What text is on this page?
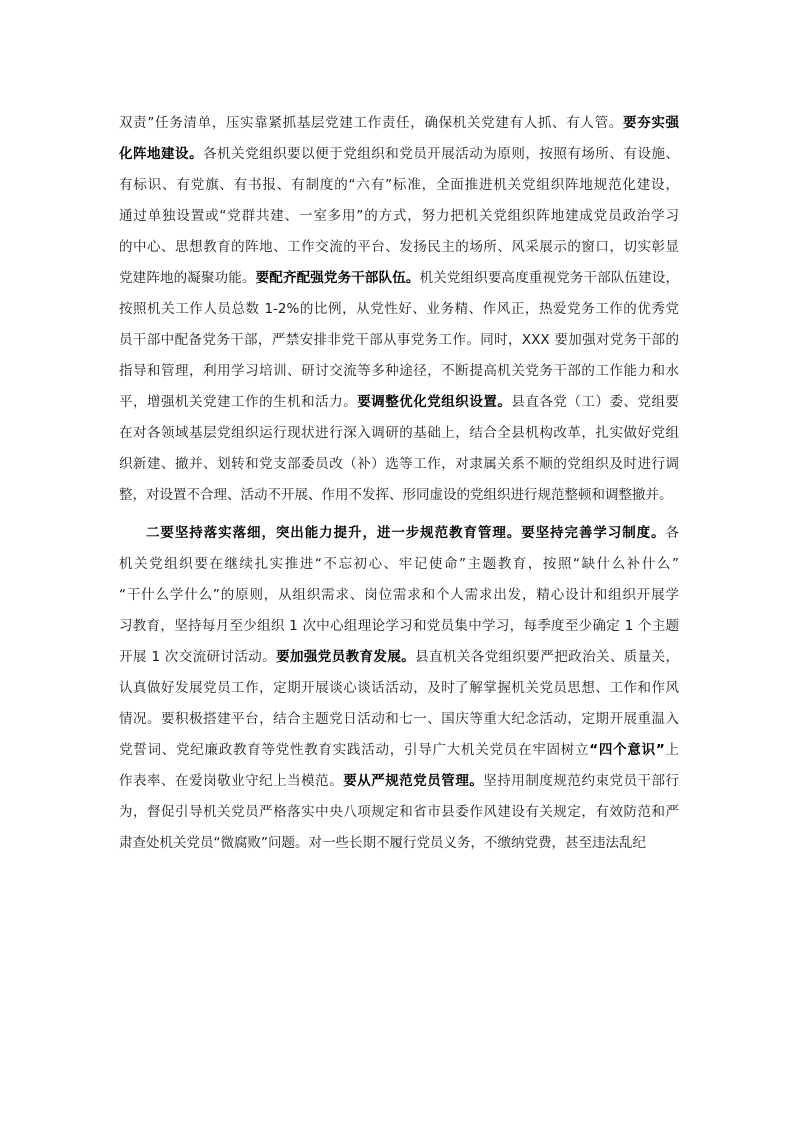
双责”任务清单，压实靠紧抓基层党建工作责任，确保机关党建有人抓、有人管。要夯实强
化阵地建设。各机关党组织要以便于党组织和党员开展活动为原则，按照有场所、有设施、
有标识、有党旗、有书报、有制度的“六有”标准，全面推进机关党组织阵地规范化建设，
通过单独设置或“党群共建、一室多用”的方式，努力把机关党组织阵地建成党员政治学习
的中心、思想教育的阵地、工作交流的平台、发扬民主的场所、风采展示的窗口，切实彰显
党建阵地的凝聚功能。要配齐配强党务干部队伍。机关党组织要高度重视党务干部队伍建设，
按照机关工作人员总数 1-2%的比例，从党性好、业务精、作风正，热爱党务工作的优秀党
员干部中配备党务干部，严禁安排非党干部从事党务工作。同时，XXX 要加强对党务干部的
指导和管理，利用学习培训、研讨交流等多种途径，不断提高机关党务干部的工作能力和水
平，增强机关党建工作的生机和活力。要调整优化党组织设置。县直各党（工）委、党组要
在对各领域基层党组织运行现状进行深入调研的基础上，结合全县机构改革，扎实做好党组
织新建、撤并、划转和党支部委员改（补）选等工作，对隶属关系不顺的党组织及时进行调
整，对设置不合理、活动不开展、作用不发挥、形同虚设的党组织进行规范整顿和调整撤并。
二要坚持落实落细，突出能力提升，进一步规范教育管理。要坚持完善学习制度。各
机关党组织要在继续扎实推进“不忘初心、牢记使命”主题教育，按照“缺什么补什么”
“干什么学什么”的原则，从组织需求、岗位需求和个人需求出发，精心设计和组织开展学
习教育，坚持每月至少组织 1 次中心组理论学习和党员集中学习，每季度至少确定 1 个主题
开展 1 次交流研讨活动。要加强党员教育发展。县直机关各党组织要严把政治关、质量关，
认真做好发展党员工作，定期开展谈心谈话活动，及时了解掌握机关党员思想、工作和作风
情况。要积极搭建平台，结合主题党日活动和七一、国庆等重大纪念活动，定期开展重温入
党誓词、党纪廉政教育等党性教育实践活动，引导广大机关党员在牢固树立“四个意识”上
作表率、在爱岗敬业守纪上当模范。要从严规范党员管理。坚持用制度规范约束党员干部行
为，督促引导机关党员严格落实中央八项规定和省市县委作风建设有关规定，有效防范和严
肃查处机关党员“微腐败”问题。对一些长期不履行党员义务，不缴纳党费，甚至违法乱纪
